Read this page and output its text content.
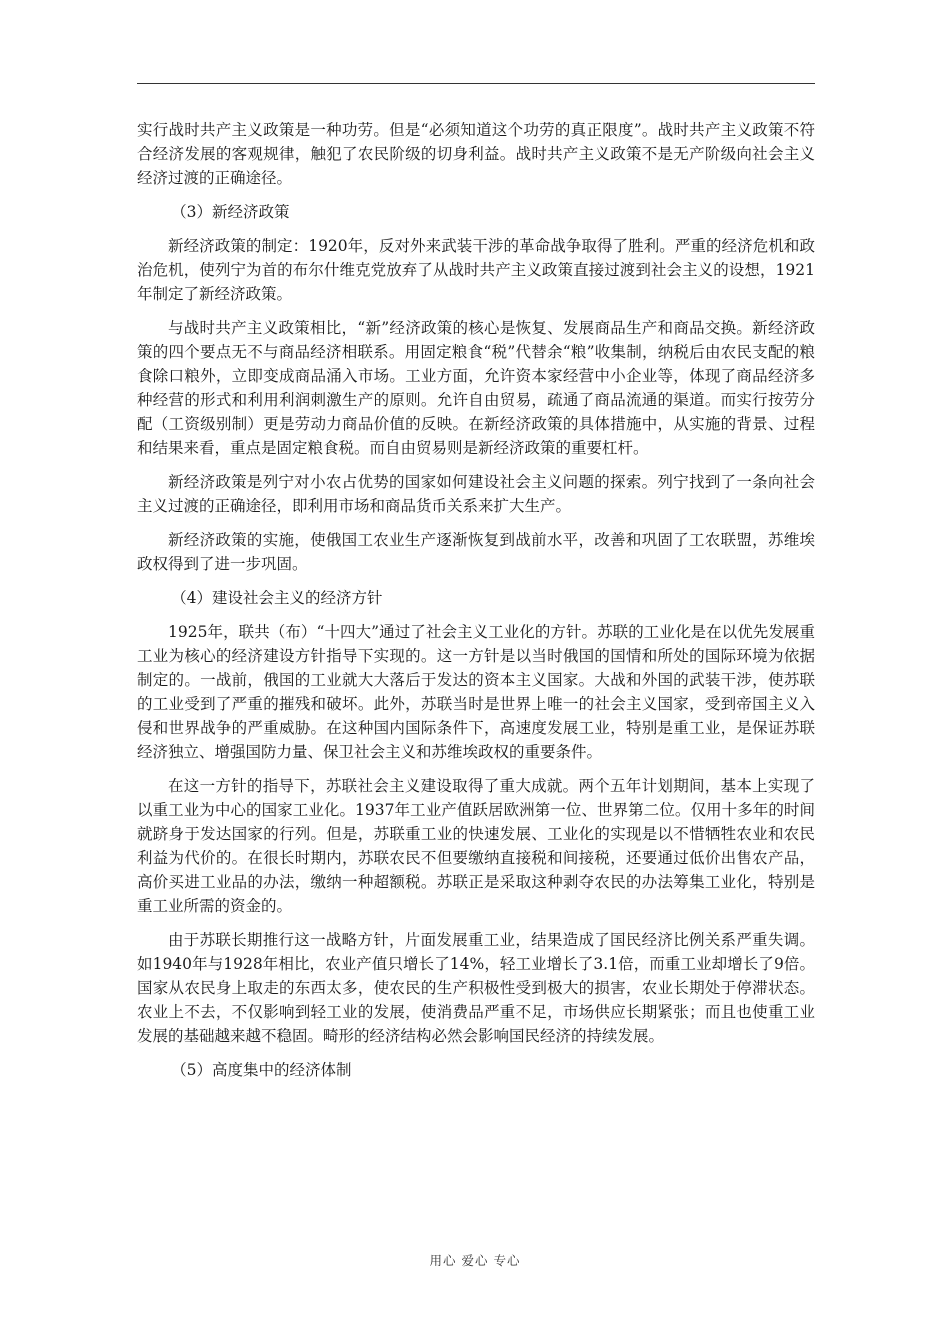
实行战时共产主义政策是一种功劳。但是“必须知道这个功劳的真正限度”。战时共产主义政策不符合经济发展的客观规律，触犯了农民阶级的切身利益。战时共产主义政策不是无产阶级向社会主义经济过渡的正确途径。

（3）新经济政策

新经济政策的制定：1920年，反对外来武装干涉的革命战争取得了胜利。严重的经济危机和政治危机，使列宁为首的布尔什维克党放弃了从战时共产主义政策直接过渡到社会主义的设想，1921年制定了新经济政策。

与战时共产主义政策相比，“新”经济政策的核心是恢复、发展商品生产和商品交换。新经济政策的四个要点无不与商品经济相联系。用固定粮食“税”代替余“粮”收集制，纳税后由农民支配的粮食除口粮外，立即变成商品涌入市场。工业方面，允许资本家经营中小企业等，体现了商品经济多种经营的形式和利用利润刺激生产的原则。允许自由贸易，疏通了商品流通的渠道。而实行按劳分配（工资级别制）更是劳动力商品价值的反映。在新经济政策的具体措施中，从实施的背景、过程和结果来看，重点是固定粮食税。而自由贸易则是新经济政策的重要杠杆。

新经济政策是列宁对小农占优势的国家如何建设社会主义问题的探索。列宁找到了一条向社会主义过渡的正确途径，即利用市场和商品货币关系来扩大生产。

新经济政策的实施，使俄国工农业生产逐渐恢复到战前水平，改善和巩固了工农联盟，苏维埃政权得到了进一步巩固。

（4）建设社会主义的经济方针

1925年，联共（布）“十四大”通过了社会主义工业化的方针。苏联的工业化是在以优先发展重工业为核心的经济建设方针指导下实现的。这一方针是以当时俄国的国情和所处的国际环境为依据制定的。一战前，俄国的工业就大大落后于发达的资本主义国家。大战和外国的武装干涉，使苏联的工业受到了严重的摧残和破坏。此外，苏联当时是世界上唯一的社会主义国家，受到帝国主义入侵和世界战争的严重威胁。在这种国内国际条件下，高速度发展工业，特别是重工业，是保证苏联经济独立、增强国防力量、保卫社会主义和苏维埃政权的重要条件。

在这一方针的指导下，苏联社会主义建设取得了重大成就。两个五年计划期间，基本上实现了以重工业为中心的国家工业化。1937年工业产值跃居欧洲第一位、世界第二位。仅用十多年的时间就跻身于发达国家的行列。但是，苏联重工业的快速发展、工业化的实现是以不惜牺牲农业和农民利益为代价的。在很长时期内，苏联农民不但要缴纳直接税和间接税，还要通过低价出售农产品，高价买进工业品的办法，缴纳一种超额税。苏联正是采取这种剥夺农民的办法筹集工业化，特别是重工业所需的资金的。

由于苏联长期推行这一战略方针，片面发展重工业，结果造成了国民经济比例关系严重失调。如1940年与1928年相比，农业产值只增长了14%，轻工业增长了3.1倍，而重工业却增长了9倍。国家从农民身上取走的东西太多，使农民的生产积极性受到极大的损害，农业长期处于停滞状态。农业上不去，不仅影响到轻工业的发展，使消费品严重不足，市场供应长期紧张；而且也使重工业发展的基础越来越不稳固。畸形的经济结构必然会影响国民经济的持续发展。

（5）高度集中的经济体制

用心 爱心 专心
